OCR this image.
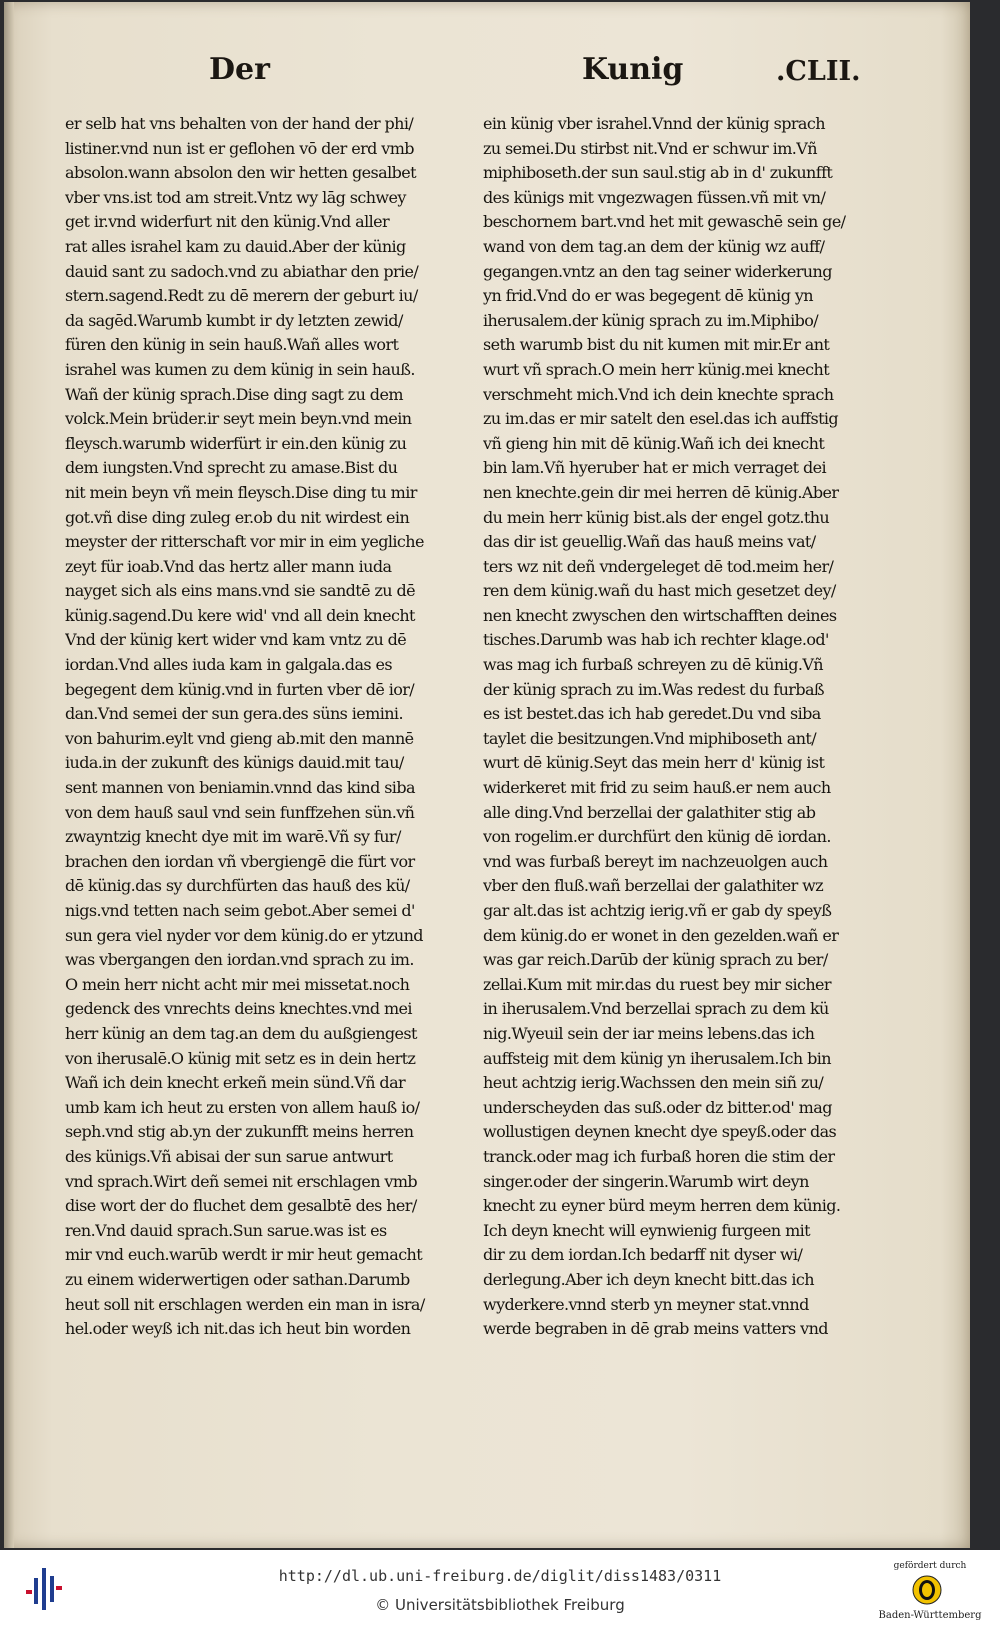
Der	Kunig	.CLII.
er selb hat vns behalten von der hand der phi/
listiner.vnd nun ist er geflohen vō der erd vmb
absolon.wann absolon den wir hetten gesalbet
vber vns.ist tod am streit.Vntz wy lāg schwey
get ir.vnd widerfurt nit den künig.Vnd aller
rat alles israhel kam zu dauid.Aber der künig
dauid sant zu sadoch.vnd zu abiathar den prie/
stern.sagend.Redt zu dē merern der geburt iu/
da sagēd.Warumb kumbt ir dy letzten zewid/
füren den künig in sein hauß.Wañ alles wort
israhel was kumen zu dem künig in sein hauß.
Wañ der künig sprach.Dise ding sagt zu dem
volck.Mein brüder.ir seyt mein beyn.vnd mein
fleysch.warumb widerfürt ir ein.den künig zu
dem iungsten.Vnd sprecht zu amase.Bist du
nit mein beyn vñ mein fleysch.Dise ding tu mir
got.vñ dise ding zuleg er.ob du nit wirdest ein
meyster der ritterschaft vor mir in eim yegliche
zeyt für ioab.Vnd das hertz aller mann iuda
nayget sich als eins mans.vnd sie sandtē zu dē
künig.sagend.Du kere wid' vnd all dein knecht
Vnd der künig kert wider vnd kam vntz zu dē
iordan.Vnd alles iuda kam in galgala.das es
begegent dem künig.vnd in furten vber dē ior/
dan.Vnd semei der sun gera.des süns iemini.
von bahurim.eylt vnd gieng ab.mit den mannē
iuda.in der zukunft des künigs dauid.mit tau/
sent mannen von beniamin.vnnd das kind siba
von dem hauß saul vnd sein funffzehen sün.vñ
zwayntzig knecht dye mit im warē.Vñ sy fur/
brachen den iordan vñ vbergiengē die fürt vor
dē künig.das sy durchfürten das hauß des kü/
nigs.vnd tetten nach seim gebot.Aber semei d'
sun gera viel nyder vor dem künig.do er ytzund
was vbergangen den iordan.vnd sprach zu im.
O mein herr nicht acht mir mei missetat.noch
gedenck des vnrechts deins knechtes.vnd mei
herr künig an dem tag.an dem du außgiengest
von iherusalē.O künig mit setz es in dein hertz
Wañ ich dein knecht erkeñ mein sünd.Vñ dar
umb kam ich heut zu ersten von allem hauß io/
seph.vnd stig ab.yn der zukunfft meins herren
des künigs.Vñ abisai der sun sarue antwurt
vnd sprach.Wirt deñ semei nit erschlagen vmb
dise wort der do fluchet dem gesalbtē des her/
ren.Vnd dauid sprach.Sun sarue.was ist es
mir vnd euch.warūb werdt ir mir heut gemacht
zu einem widerwertigen oder sathan.Darumb
heut soll nit erschlagen werden ein man in isra/
hel.oder weyß ich nit.das ich heut bin worden
ein künig vber israhel.Vnnd der künig sprach
zu semei.Du stirbst nit.Vnd er schwur im.Vñ
miphiboseth.der sun saul.stig ab in d' zukunfft
des künigs mit vngezwagen füssen.vñ mit vn/
beschornem bart.vnd het mit gewaschē sein ge/
wand von dem tag.an dem der künig wz auff/
gegangen.vntz an den tag seiner widerkerung
yn frid.Vnd do er was begegent dē künig yn
iherusalem.der künig sprach zu im.Miphibo/
seth warumb bist du nit kumen mit mir.Er ant
wurt vñ sprach.O mein herr künig.mei knecht
verschmeht mich.Vnd ich dein knechte sprach
zu im.das er mir satelt den esel.das ich auffstig
vñ gieng hin mit dē künig.Wañ ich dei knecht
bin lam.Vñ hyeruber hat er mich verraget dei
nen knechte.gein dir mei herren dē künig.Aber
du mein herr künig bist.als der engel gotz.thu
das dir ist geuellig.Wañ das hauß meins vat/
ters wz nit deñ vndergeleget dē tod.meim her/
ren dem künig.wañ du hast mich gesetzet dey/
nen knecht zwyschen den wirtschafften deines
tisches.Darumb was hab ich rechter klage.od'
was mag ich furbaß schreyen zu dē künig.Vñ
der künig sprach zu im.Was redest du furbaß
es ist bestet.das ich hab geredet.Du vnd siba
taylet die besitzungen.Vnd miphiboseth ant/
wurt dē künig.Seyt das mein herr d' künig ist
widerkeret mit frid zu seim hauß.er nem auch
alle ding.Vnd berzellai der galathiter stig ab
von rogelim.er durchfürt den künig dē iordan.
vnd was furbaß bereyt im nachzeuolgen auch
vber den fluß.wañ berzellai der galathiter wz
gar alt.das ist achtzig ierig.vñ er gab dy speyß
dem künig.do er wonet in den gezelden.wañ er
was gar reich.Darūb der künig sprach zu ber/
zellai.Kum mit mir.das du ruest bey mir sicher
in iherusalem.Vnd berzellai sprach zu dem kü
nig.Wyeuil sein der iar meins lebens.das ich
auffsteig mit dem künig yn iherusalem.Ich bin
heut achtzig ierig.Wachssen den mein siñ zu/
underscheyden das suß.oder dz bitter.od' mag
wollustigen deynen knecht dye speyß.oder das
tranck.oder mag ich furbaß horen die stim der
singer.oder der singerin.Warumb wirt deyn
knecht zu eyner bürd meym herren dem künig.
Ich deyn knecht will eynwienig furgeen mit
dir zu dem iordan.Ich bedarff nit dyser wi/
derlegung.Aber ich deyn knecht bitt.das ich
wyderkere.vnnd sterb yn meyner stat.vnnd
werde begraben in dē grab meins vatters vnd
http://dl.ub.uni-freiburg.de/diglit/diss1483/0311
© Universitätsbibliothek Freiburg
gefördert durch
Baden-Württemberg
